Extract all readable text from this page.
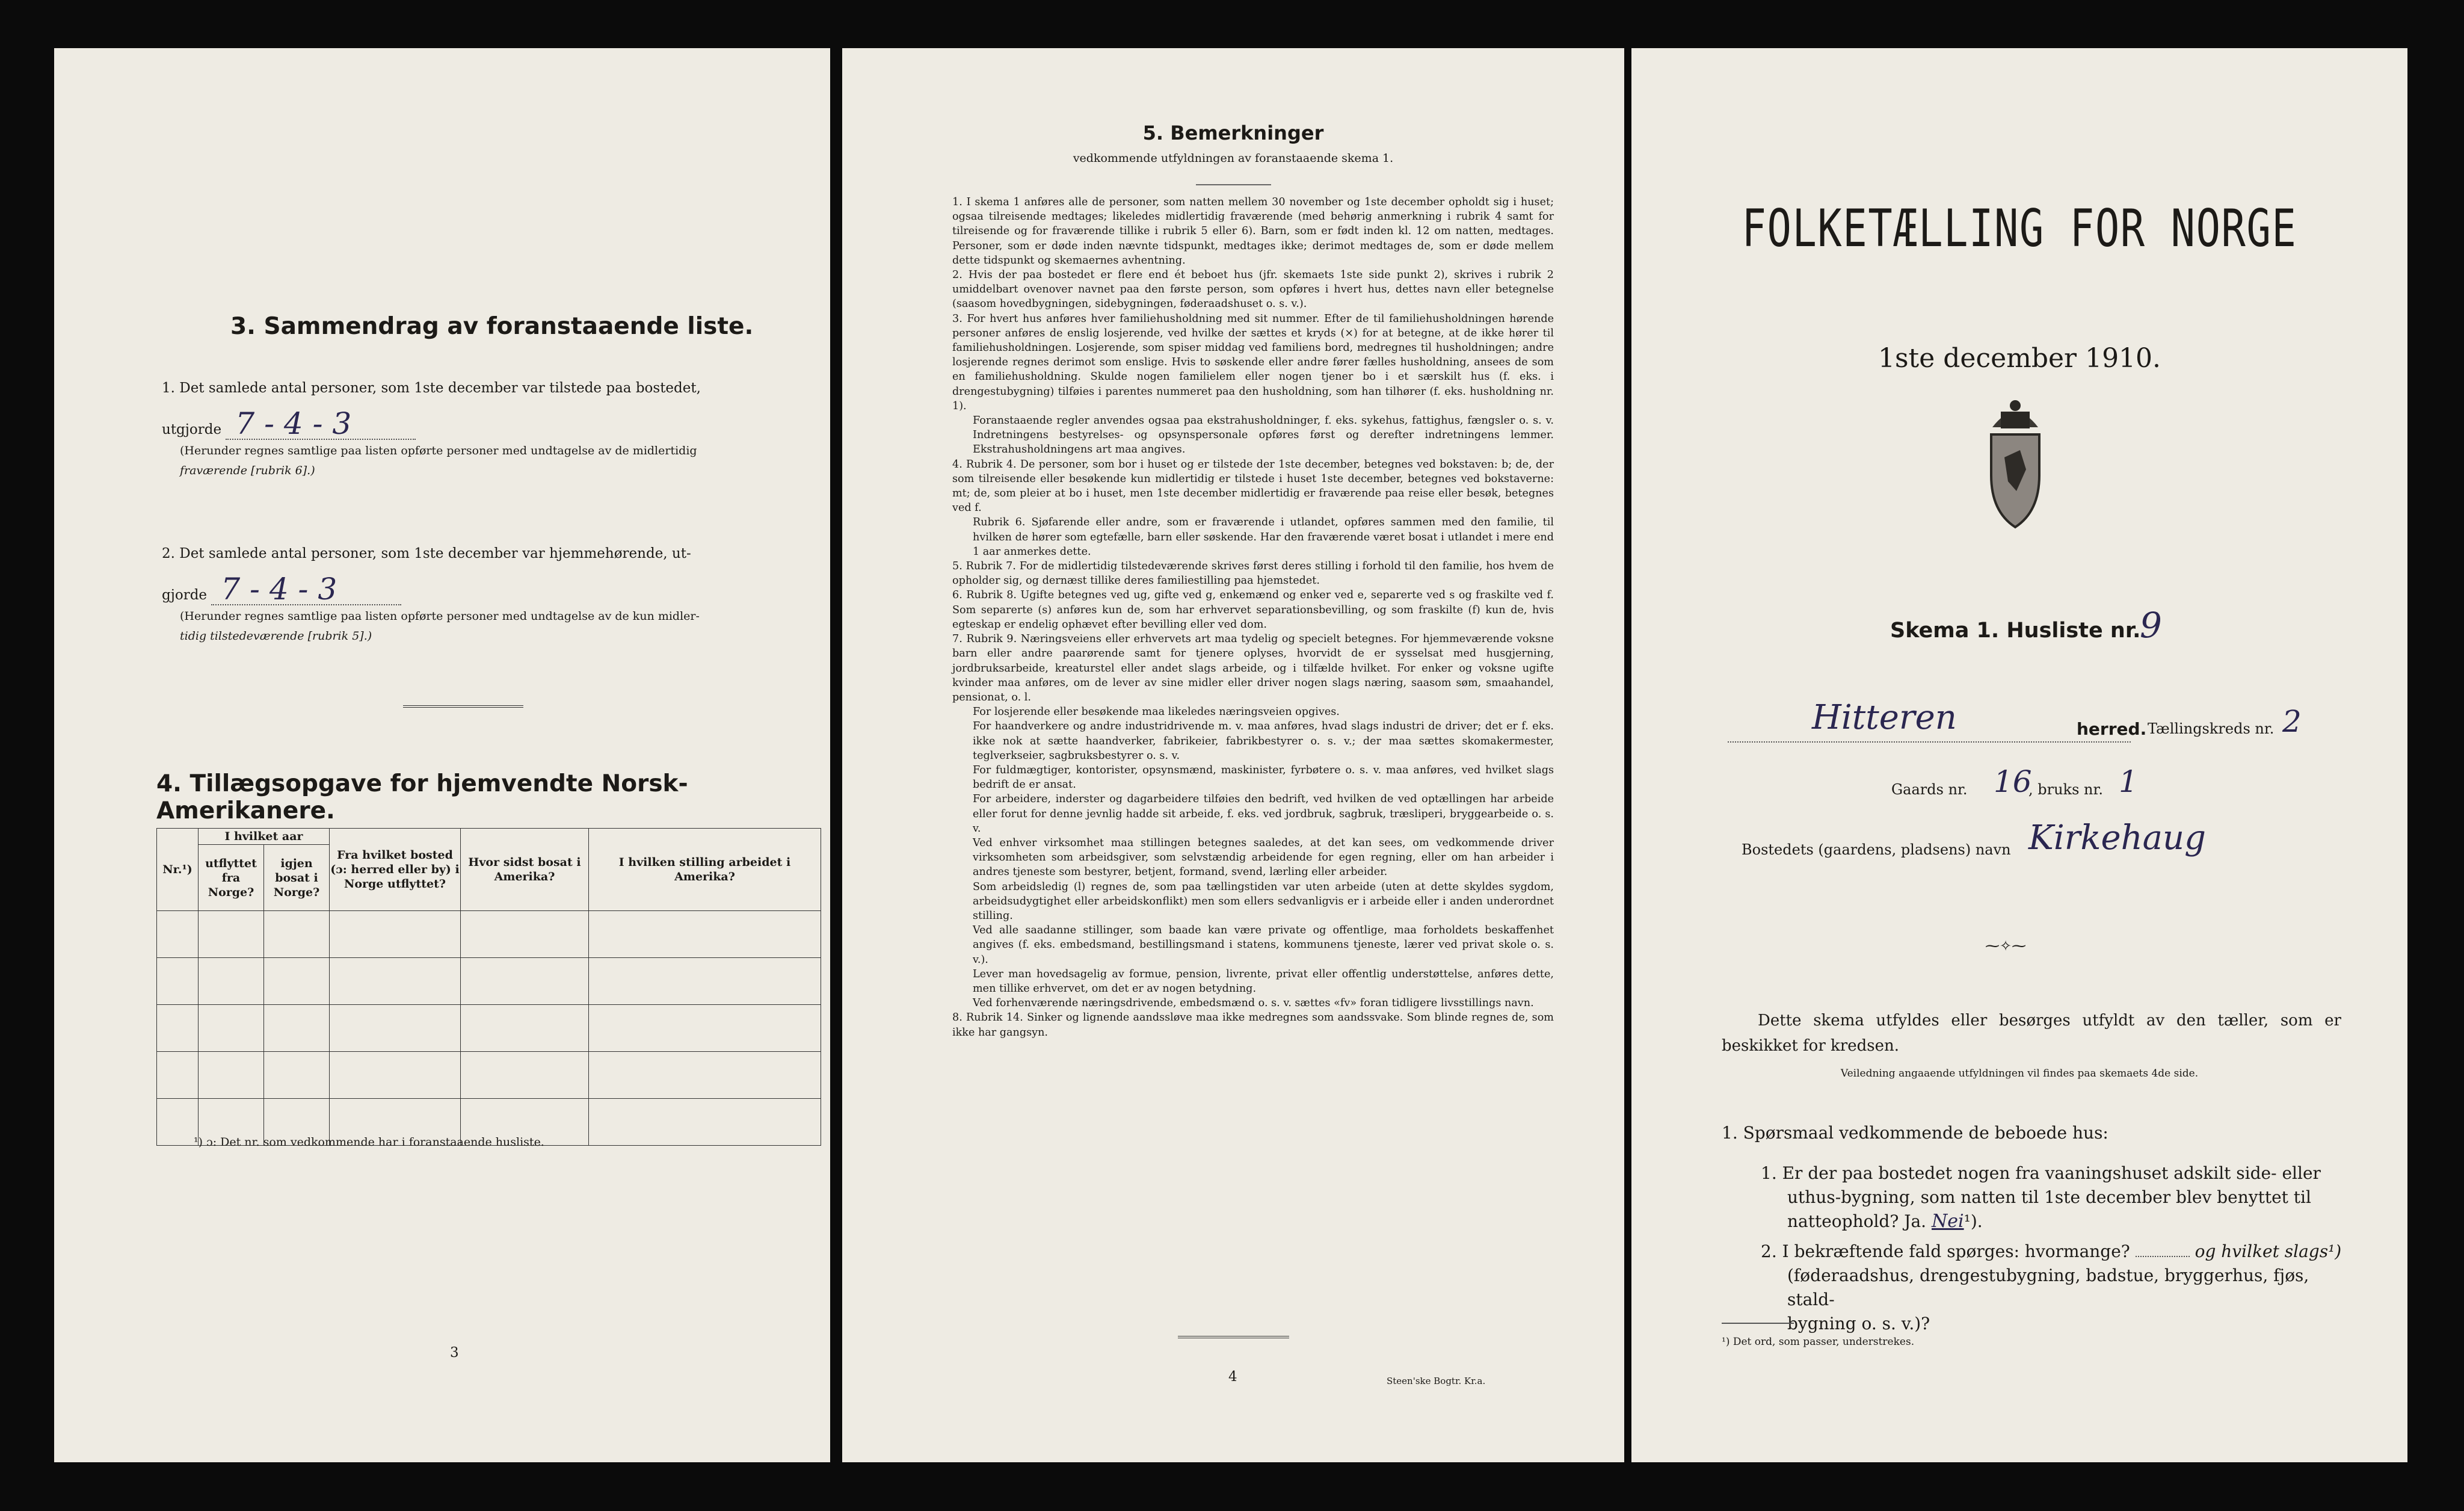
3. Sammendrag av foranstaaende liste.
1. Det samlede antal personer, som 1ste december var tilstede paa bostedet,
utgjorde 7 - 4 - 3
(Herunder regnes samtlige paa listen opførte personer med undtagelse av de midlertidig
fraværende [rubrik 6].)
2. Det samlede antal personer, som 1ste december var hjemmehørende, ut-
gjorde 7 - 4 - 3
(Herunder regnes samtlige paa listen opførte personer med undtagelse av de kun midler-
tidig tilstedeværende [rubrik 5].)
4. Tillægsopgave for hjemvendte Norsk-Amerikanere.
Nr.¹)	I hvilket aar		Fra hvilket bosted (ɔ: herred eller by) i Norge utflyttet?	Hvor sidst bosat i Amerika?	I hvilken stilling arbeidet i Amerika?
	utflyttet fra Norge?	igjen bosat i Norge?			

¹) ɔ: Det nr. som vedkommende har i foranstaaende husliste.
3
5. Bemerkninger
vedkommende utfyldningen av foranstaaende skema 1.

1. I skema 1 anføres alle de personer, som natten mellem 30 november og 1ste december opholdt sig i huset; ogsaa tilreisende medtages; likeledes midlertidig fraværende (med behørig anmerkning i rubrik 4 samt for tilreisende og for fraværende tillike i rubrik 5 eller 6). Barn, som er født inden kl. 12 om natten, medtages. Personer, som er døde inden nævnte tidspunkt, medtages ikke; derimot medtages de, som er døde mellem dette tidspunkt og skemaernes avhentning.

2. Hvis der paa bostedet er flere end ét beboet hus (jfr. skemaets 1ste side punkt 2), skrives i rubrik 2 umiddelbart ovenover navnet paa den første person, som opføres i hvert hus, dettes navn eller betegnelse (saasom hovedbygningen, sidebygningen, føderaadshuset o. s. v.).

3. For hvert hus anføres hver familiehusholdning med sit nummer. Efter de til familiehusholdningen hørende personer anføres de enslig losjerende, ved hvilke der sættes et kryds (×) for at betegne, at de ikke hører til familiehusholdningen. Losjerende, som spiser middag ved familiens bord, medregnes til husholdningen; andre losjerende regnes derimot som enslige. Hvis to søskende eller andre fører fælles husholdning, ansees de som en familiehusholdning. Skulde nogen familielem eller nogen tjener bo i et særskilt hus (f. eks. i drengestubygning) tilføies i parentes nummeret paa den husholdning, som han tilhører (f. eks. husholdning nr. 1).

Foranstaaende regler anvendes ogsaa paa ekstrahusholdninger, f. eks. sykehus, fattighus, fængsler o. s. v. Indretningens bestyrelses- og opsynspersonale opføres først og derefter indretningens lemmer. Ekstrahusholdningens art maa angives.

4. Rubrik 4. De personer, som bor i huset og er tilstede der 1ste december, betegnes ved bokstaven: b; de, der som tilreisende eller besøkende kun midlertidig er tilstede i huset 1ste december, betegnes ved bokstaverne: mt; de, som pleier at bo i huset, men 1ste december midlertidig er fraværende paa reise eller besøk, betegnes ved f.

Rubrik 6. Sjøfarende eller andre, som er fraværende i utlandet, opføres sammen med den familie, til hvilken de hører som egtefælle, barn eller søskende. Har den fraværende været bosat i utlandet i mere end 1 aar anmerkes dette.

5. Rubrik 7. For de midlertidig tilstedeværende skrives først deres stilling i forhold til den familie, hos hvem de opholder sig, og dernæst tillike deres familiestilling paa hjemstedet.

6. Rubrik 8. Ugifte betegnes ved ug, gifte ved g, enkemænd og enker ved e, separerte ved s og fraskilte ved f. Som separerte (s) anføres kun de, som har erhvervet separationsbevilling, og som fraskilte (f) kun de, hvis egteskap er endelig ophævet efter bevilling eller ved dom.

7. Rubrik 9. Næringsveiens eller erhvervets art maa tydelig og specielt betegnes. For hjemmeværende voksne barn eller andre paarørende samt for tjenere oplyses, hvorvidt de er sysselsat med husgjerning, jordbruksarbeide, kreaturstel eller andet slags arbeide, og i tilfælde hvilket. For enker og voksne ugifte kvinder maa anføres, om de lever av sine midler eller driver nogen slags næring, saasom søm, smaahandel, pensionat, o. l.

For losjerende eller besøkende maa likeledes næringsveien opgives.

For haandverkere og andre industridrivende m. v. maa anføres, hvad slags industri de driver; det er f. eks. ikke nok at sætte haandverker, fabrikeier, fabrikbestyrer o. s. v.; der maa sættes skomakermester, teglverkseier, sagbruksbestyrer o. s. v.

For fuldmægtiger, kontorister, opsynsmænd, maskinister, fyrbøtere o. s. v. maa anføres, ved hvilket slags bedrift de er ansat.

For arbeidere, inderster og dagarbeidere tilføies den bedrift, ved hvilken de ved optællingen har arbeide eller forut for denne jevnlig hadde sit arbeide, f. eks. ved jordbruk, sagbruk, træsliperi, bryggearbeide o. s. v.

Ved enhver virksomhet maa stillingen betegnes saaledes, at det kan sees, om vedkommende driver virksomheten som arbeidsgiver, som selvstændig arbeidende for egen regning, eller om han arbeider i andres tjeneste som bestyrer, betjent, formand, svend, lærling eller arbeider.

Som arbeidsledig (l) regnes de, som paa tællingstiden var uten arbeide (uten at dette skyldes sygdom, arbeidsudygtighet eller arbeidskonflikt) men som ellers sedvanligvis er i arbeide eller i anden underordnet stilling.

Ved alle saadanne stillinger, som baade kan være private og offentlige, maa forholdets beskaffenhet angives (f. eks. embedsmand, bestillingsmand i statens, kommunens tjeneste, lærer ved privat skole o. s. v.).

Lever man hovedsagelig av formue, pension, livrente, privat eller offentlig understøttelse, anføres dette, men tillike erhvervet, om det er av nogen betydning.

Ved forhenværende næringsdrivende, embedsmænd o. s. v. sættes «fv» foran tidligere livsstillings navn.

8. Rubrik 14. Sinker og lignende aandssløve maa ikke medregnes som aandssvake. Som blinde regnes de, som ikke har gangsyn.

4	Steen'ske Bogtr. Kr.a.
FOLKETÆLLING FOR NORGE
1ste december 1910.
Skema 1. Husliste nr.
9
Hitteren	herred. Tællingskreds nr. 2
Gaards nr. 16
, bruks nr. 1
Bostedets (gaardens, pladsens) navn Kirkehaug
⁓✧⁓
Dette skema utfyldes eller besørges utfyldt av den tæller, som er beskikket for kredsen.
Veiledning angaaende utfyldningen vil findes paa skemaets 4de side.
1. Spørsmaal vedkommende de beboede hus:
1. Er der paa bostedet nogen fra vaaningshuset adskilt side- eller
uthus-bygning, som natten til 1ste december blev benyttet til
natteophold? Ja. Nei¹).
2. I bekræftende fald spørges: hvormange?	og hvilket slags¹)
(føderaadshus, drengestubygning, badstue, bryggerhus, fjøs, stald-
bygning o. s. v.)?
¹) Det ord, som passer, understrekes.
